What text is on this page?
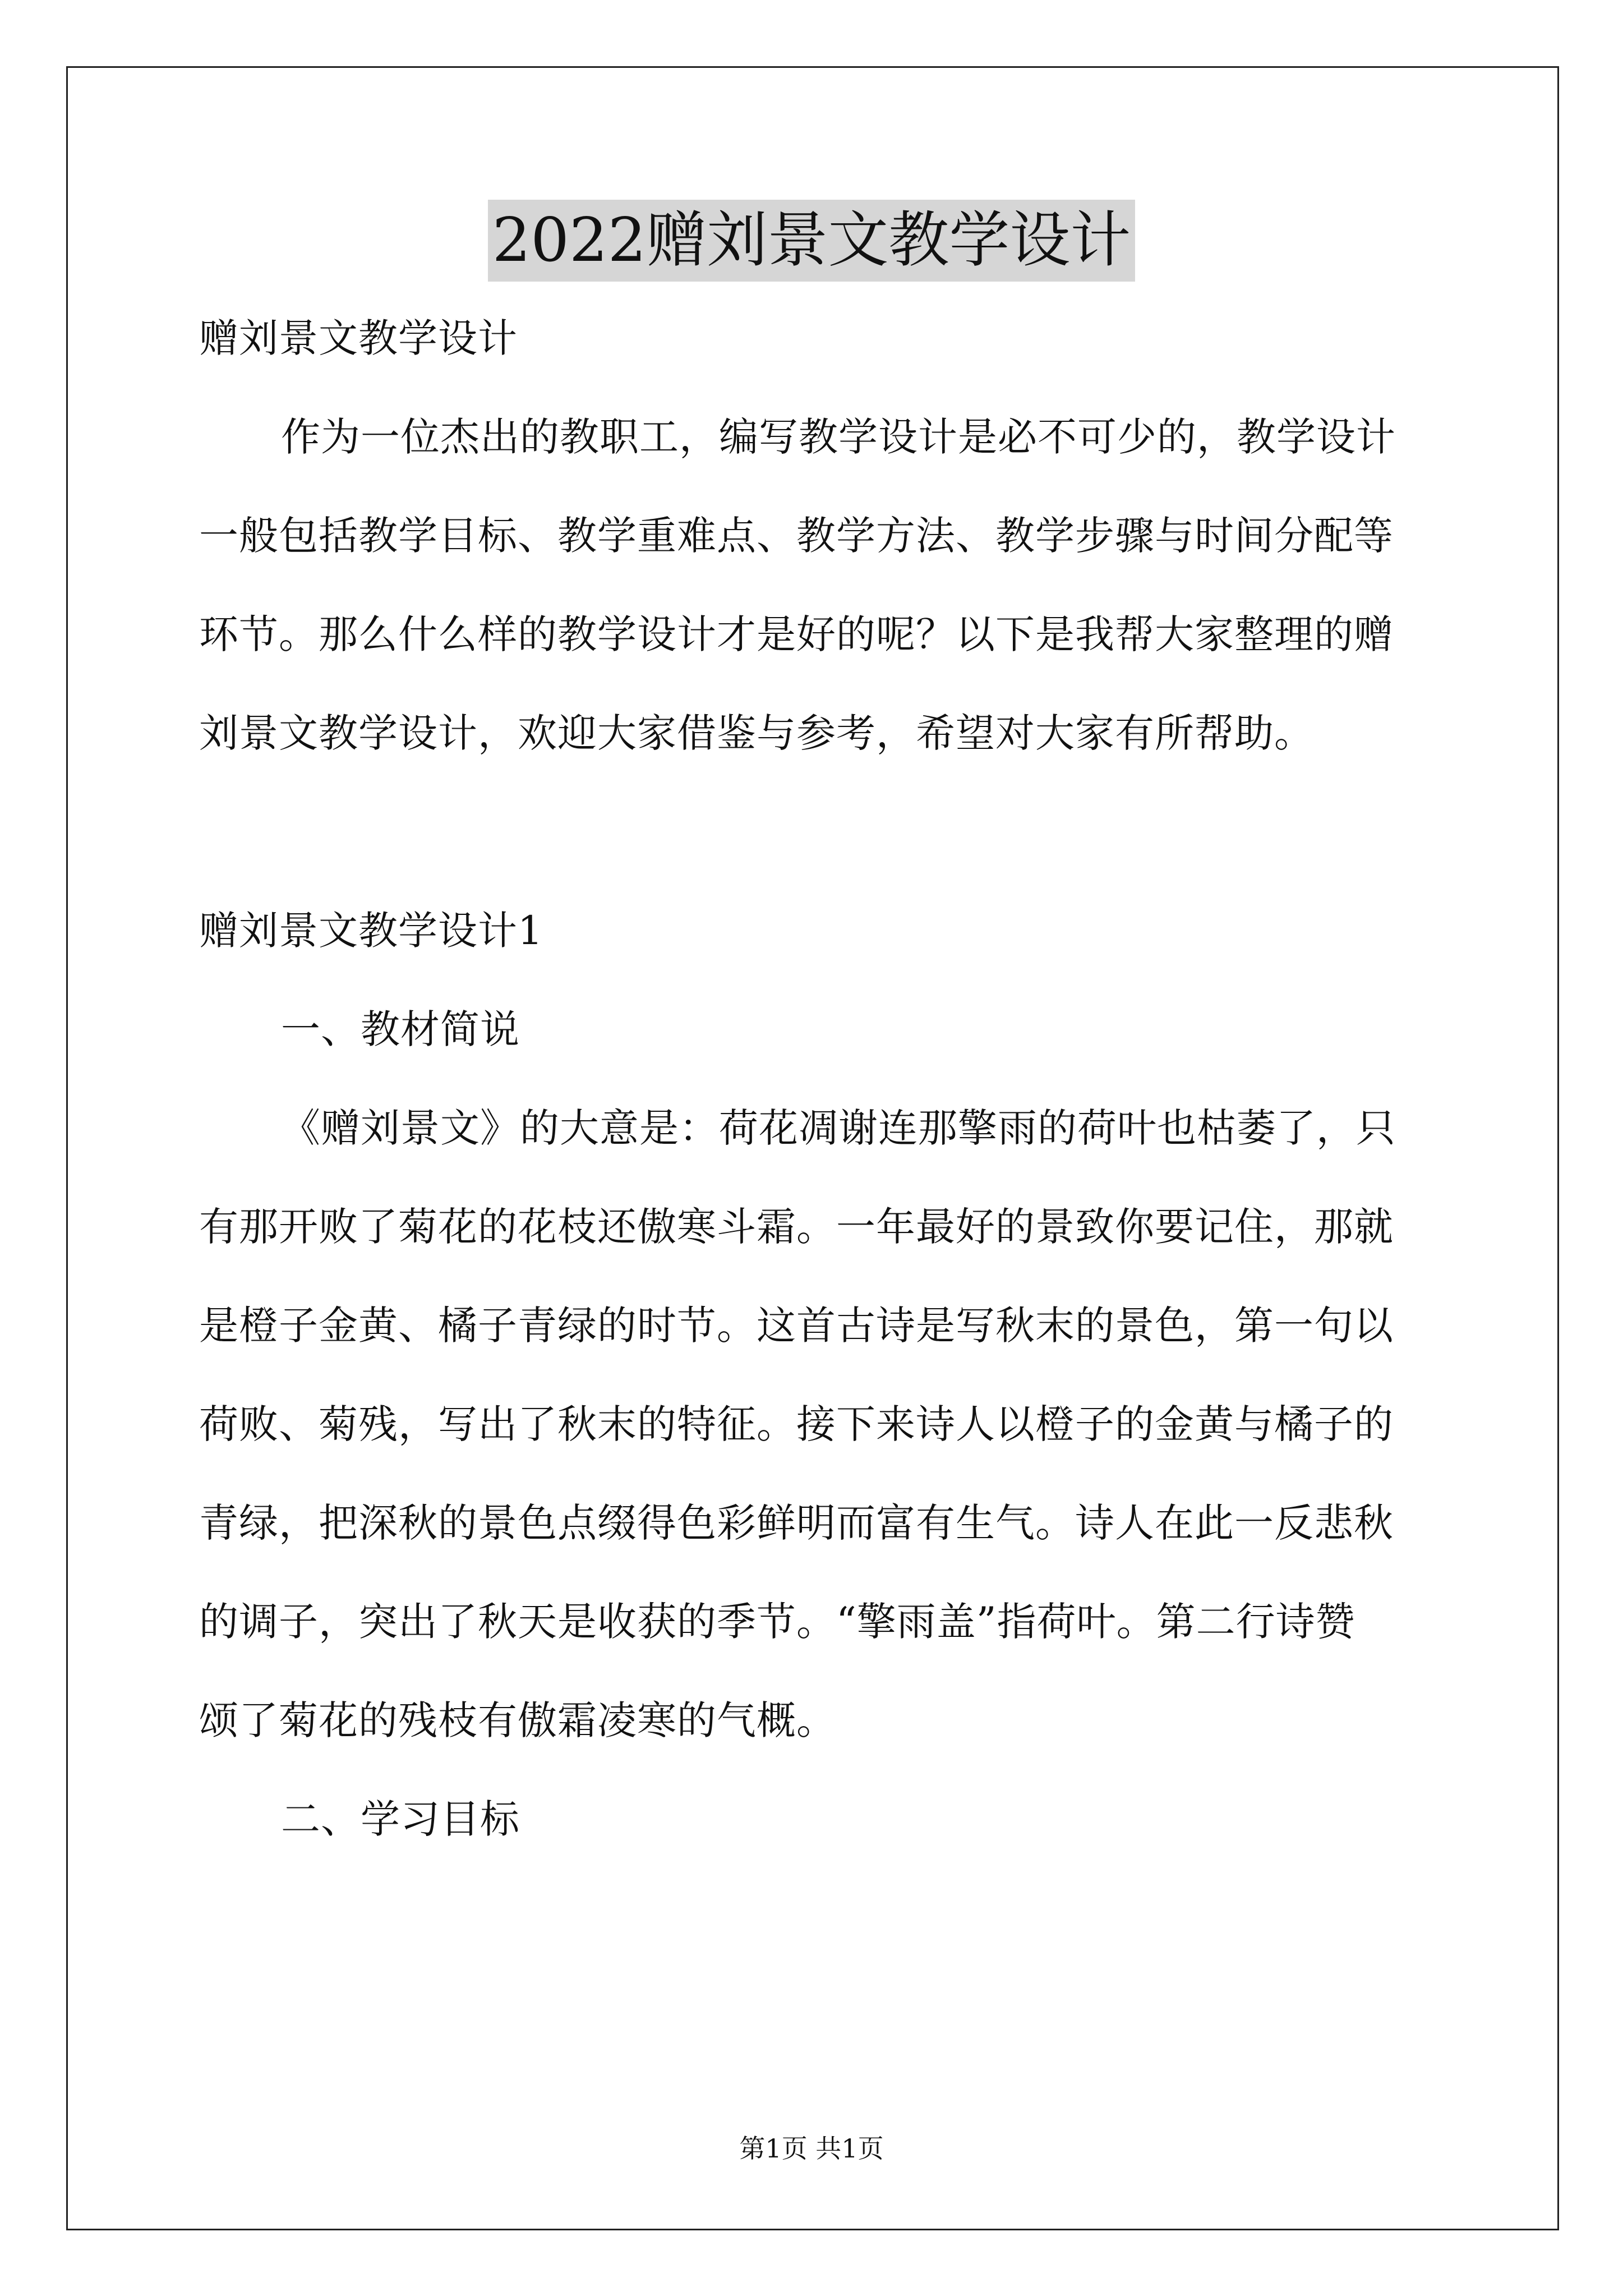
2022赠刘景文教学设计
赠刘景文教学设计
作为一位杰出的教职工，编写教学设计是必不可少的，教学设计
一般包括教学目标、教学重难点、教学方法、教学步骤与时间分配等
环节。那么什么样的教学设计才是好的呢？以下是我帮大家整理的赠
刘景文教学设计，欢迎大家借鉴与参考，希望对大家有所帮助。
赠刘景文教学设计1
一、教材简说
《赠刘景文》的大意是：荷花凋谢连那擎雨的荷叶也枯萎了，只
有那开败了菊花的花枝还傲寒斗霜。一年最好的景致你要记住，那就
是橙子金黄、橘子青绿的时节。这首古诗是写秋末的景色，第一句以
荷败、菊残，写出了秋末的特征。接下来诗人以橙子的金黄与橘子的
青绿，把深秋的景色点缀得色彩鲜明而富有生气。诗人在此一反悲秋
的调子，突出了秋天是收获的季节。“擎雨盖”指荷叶。第二行诗赞
颂了菊花的残枝有傲霜凌寒的气概。
二、学习目标
第1页 共1页
